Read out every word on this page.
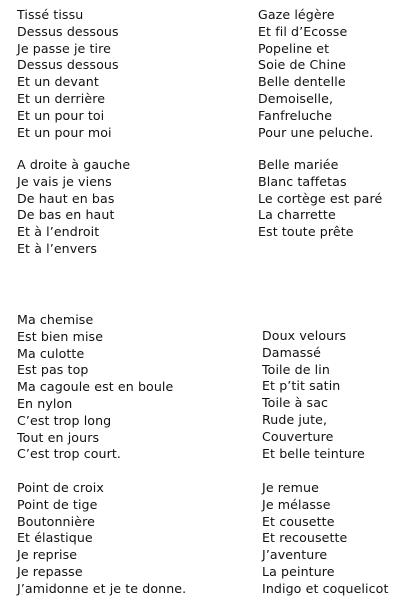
Tissé tissu
Dessus dessous
Je passe je tire
Dessus dessous
Et un devant
Et un derrière
Et un pour toi
Et un pour moi
A droite à gauche
Je vais je viens
De haut en bas
De bas en haut
Et à l’endroit
Et à l’envers
Gaze légère
Et fil d’Ecosse
Popeline et
Soie de Chine
Belle dentelle
Demoiselle,
Fanfreluche
Pour une peluche.
Belle mariée
Blanc taffetas
Le cortège est paré
La charrette
Est toute prête
Ma chemise
Est bien mise
Ma culotte
Est pas top
Ma cagoule est en boule
En nylon
C’est trop long
Tout en jours
C’est trop court.
Doux velours
Damassé
Toile de lin
Et p’tit satin
Toile à sac
Rude jute,
Couverture
Et belle teinture
Point de croix
Point de tige
Boutonnière
Et élastique
Je reprise
Je repasse
J’amidonne et je te donne.
Je remue
Je mélasse
Et cousette
Et recousette
J’aventure
La peinture
Indigo et coquelicot
